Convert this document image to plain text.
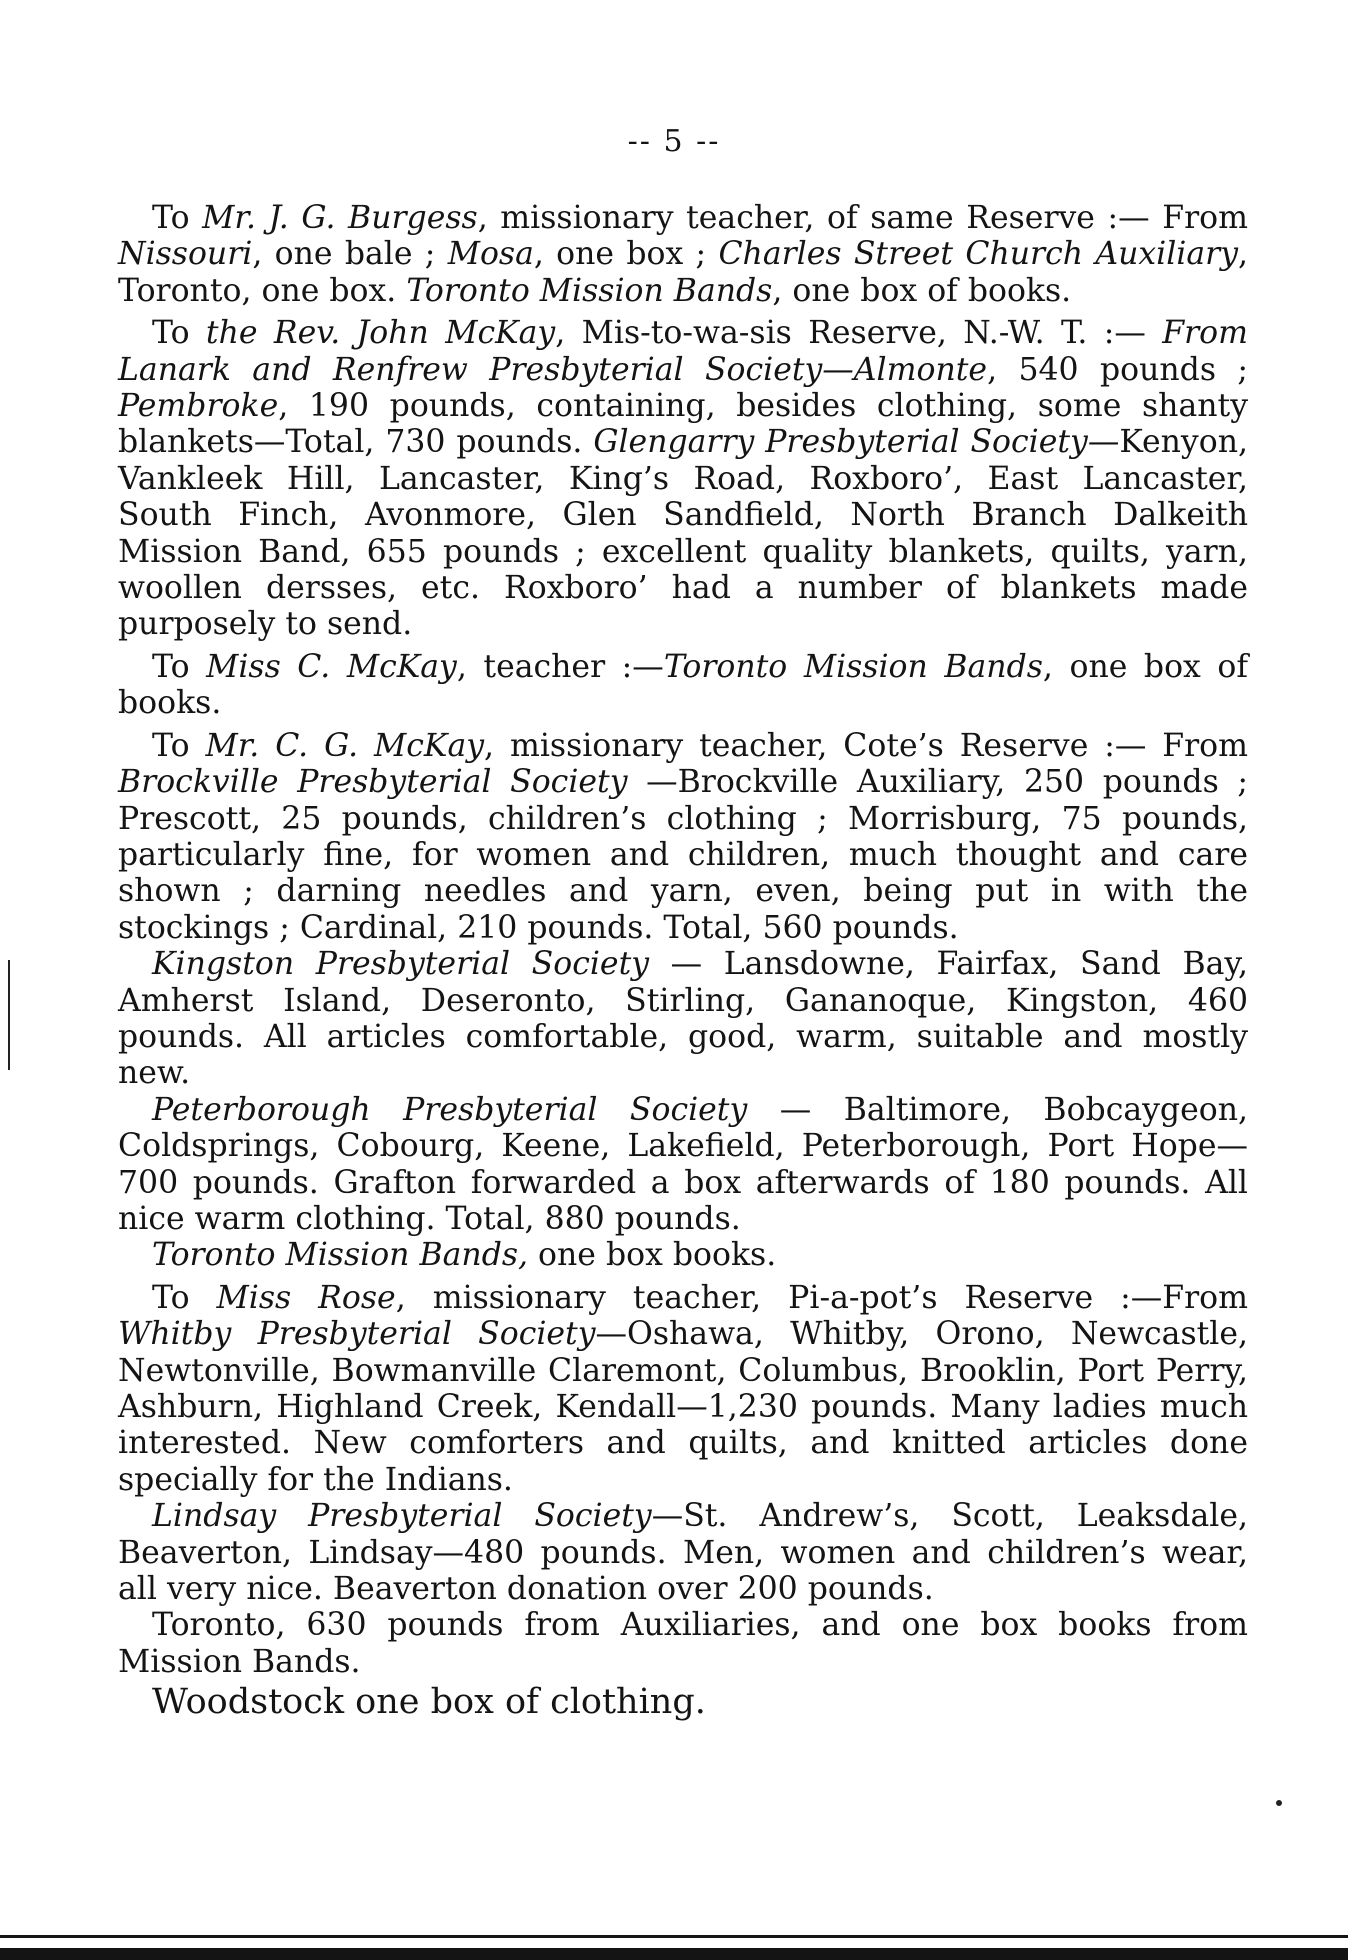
-- 5 --

To Mr. J. G. Burgess, missionary teacher, of same Reserve :— From Nissouri, one bale ; Mosa, one box ; Charles Street Church Auxiliary, Toronto, one box. Toronto Mission Bands, one box of books.

To the Rev. John McKay, Mis-to-wa-sis Reserve, N.-W. T. :— From Lanark and Renfrew Presbyterial Society—Almonte, 540 pounds ; Pembroke, 190 pounds, containing, besides clothing, some shanty blankets—Total, 730 pounds. Glengarry Presbyterial Society—Kenyon, Vankleek Hill, Lancaster, King’s Road, Roxboro’, East Lancaster, South Finch, Avonmore, Glen Sandfield, North Branch Dalkeith Mission Band, 655 pounds ; excellent quality blankets, quilts, yarn, woollen dersses, etc. Roxboro’ had a number of blankets made purposely to send.

To Miss C. McKay, teacher :—Toronto Mission Bands, one box of books.

To Mr. C. G. McKay, missionary teacher, Cote’s Reserve :— From Brockville Presbyterial Society —Brockville Auxiliary, 250 pounds ; Prescott, 25 pounds, children’s clothing ; Morrisburg, 75 pounds, particularly fine, for women and children, much thought and care shown ; darning needles and yarn, even, being put in with the stockings ; Cardinal, 210 pounds. Total, 560 pounds.

Kingston Presbyterial Society — Lansdowne, Fairfax, Sand Bay, Amherst Island, Deseronto, Stirling, Gananoque, Kingston, 460 pounds. All articles comfortable, good, warm, suitable and mostly new.

Peterborough Presbyterial Society — Baltimore, Bobcaygeon, Coldsprings, Cobourg, Keene, Lakefield, Peterborough, Port Hope—700 pounds. Grafton forwarded a box afterwards of 180 pounds. All nice warm clothing. Total, 880 pounds.

Toronto Mission Bands, one box books.

To Miss Rose, missionary teacher, Pi-a-pot’s Reserve :—From Whitby Presbyterial Society—Oshawa, Whitby, Orono, Newcastle, Newtonville, Bowmanville Claremont, Columbus, Brooklin, Port Perry, Ashburn, Highland Creek, Kendall—1,230 pounds. Many ladies much interested. New comforters and quilts, and knitted articles done specially for the Indians.

Lindsay Presbyterial Society—St. Andrew’s, Scott, Leaksdale, Beaverton, Lindsay—480 pounds. Men, women and children’s wear, all very nice. Beaverton donation over 200 pounds.

Toronto, 630 pounds from Auxiliaries, and one box books from Mission Bands.

Woodstock one box of clothing.
